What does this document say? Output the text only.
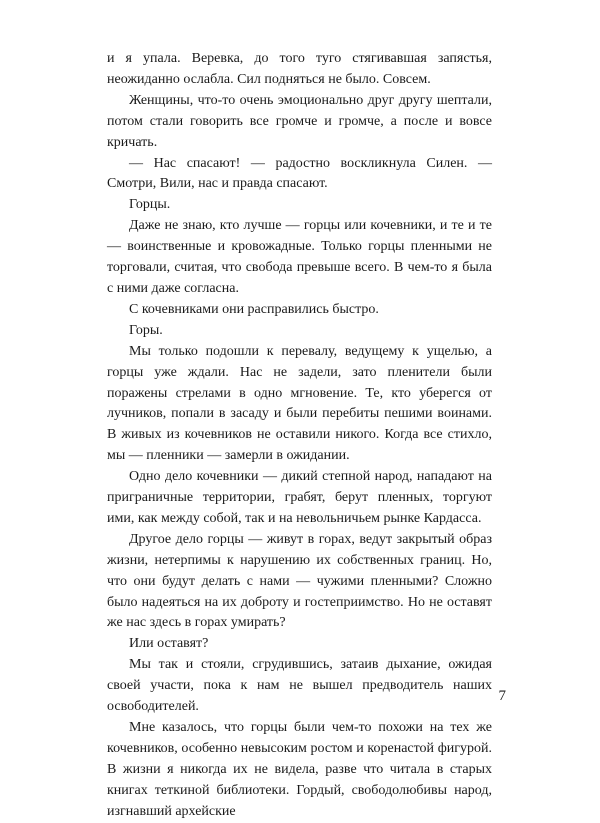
и я упала. Веревка, до того туго стягивавшая запястья, неожиданно ослабла. Сил подняться не было. Совсем.

Женщины, что-то очень эмоционально друг другу шептали, потом стали говорить все громче и громче, а после и вовсе кричать.

— Нас спасают! — радостно воскликнула Силен. — Смотри, Вили, нас и правда спасают.

Горцы.

Даже не знаю, кто лучше — горцы или кочевники, и те и те — воинственные и кровожадные. Только горцы пленными не торговали, считая, что свобода превыше всего. В чем-то я была с ними даже согласна.

С кочевниками они расправились быстро.

Горы.

Мы только подошли к перевалу, ведущему к ущелью, а горцы уже ждали. Нас не задели, зато пленители были поражены стрелами в одно мгновение. Те, кто уберегся от лучников, попали в засаду и были перебиты пешими воинами. В живых из кочевников не оставили никого. Когда все стихло, мы — пленники — замерли в ожидании.

Одно дело кочевники — дикий степной народ, нападают на приграничные территории, грабят, берут пленных, торгуют ими, как между собой, так и на невольничьем рынке Кардасса.

Другое дело горцы — живут в горах, ведут закрытый образ жизни, нетерпимы к нарушению их собственных границ. Но, что они будут делать с нами — чужими пленными? Сложно было надеяться на их доброту и гостеприимство. Но не оставят же нас здесь в горах умирать?

Или оставят?

Мы так и стояли, сгрудившись, затаив дыхание, ожидая своей участи, пока к нам не вышел предводитель наших освободителей.

Мне казалось, что горцы были чем-то похожи на тех же кочевников, особенно невысоким ростом и коренастой фигурой. В жизни я никогда их не видела, разве что читала в старых книгах теткиной библиотеки. Гордый, свободолюбивы народ, изгнавший архейские

7
